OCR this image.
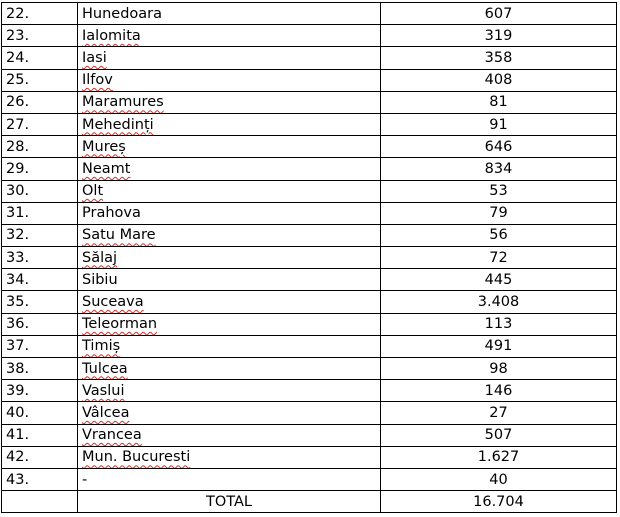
22.	Hunedoara	607
23.	Ialomita	319
24.	Iasi	358
25.	Ilfov	408
26.	Maramures	81
27.	Mehedinți	91
28.	Mureș	646
29.	Neamt	834
30.	Olt	53
31.	Prahova	79
32.	Satu Mare	56
33.	Sălaj	72
34.	Sibiu	445
35.	Suceava	3.408
36.	Teleorman	113
37.	Timiș	491
38.	Tulcea	98
39.	Vaslui	146
40.	Vâlcea	27
41.	Vrancea	507
42.	Mun. Bucuresti	1.627
43.	-	40
	TOTAL	16.704
